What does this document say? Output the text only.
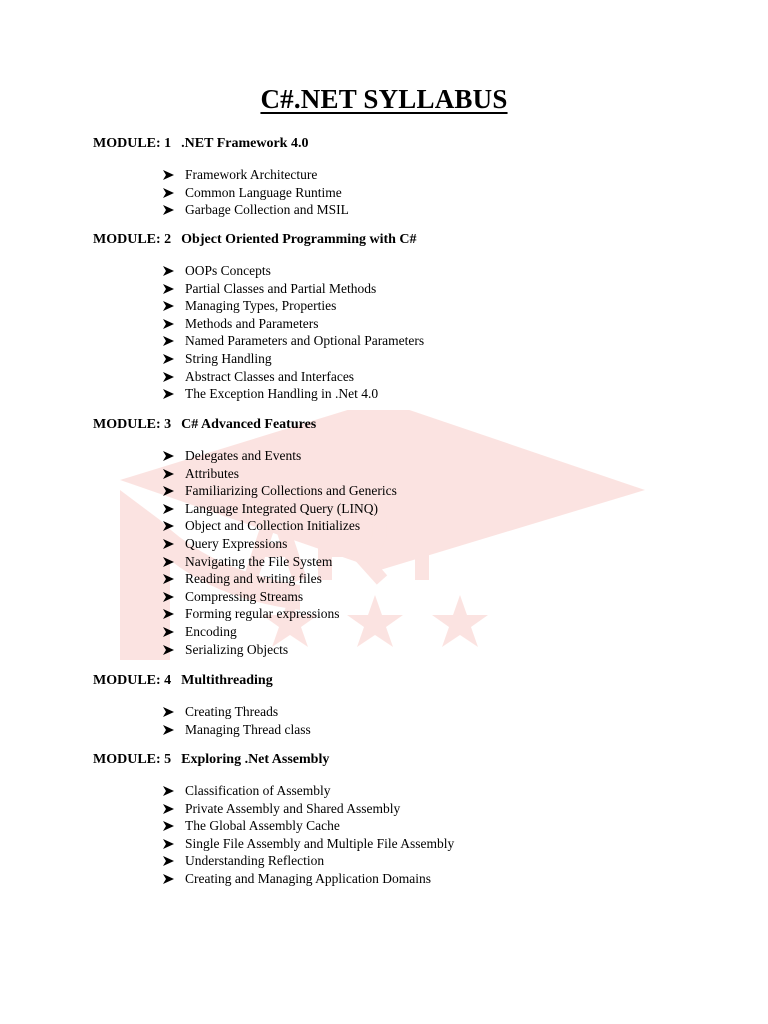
C#.NET SYLLABUS
MODULE: 1 .NET Framework 4.0
Framework Architecture
Common Language Runtime
Garbage Collection and MSIL
MODULE: 2 Object Oriented Programming with C#
OOPs Concepts
Partial Classes and Partial Methods
Managing Types, Properties
Methods and Parameters
Named Parameters and Optional Parameters
String Handling
Abstract Classes and Interfaces
The Exception Handling in .Net 4.0
MODULE: 3 C# Advanced Features
Delegates and Events
Attributes
Familiarizing Collections and Generics
Language Integrated Query (LINQ)
Object and Collection Initializes
Query Expressions
Navigating the File System
Reading and writing files
Compressing Streams
Forming regular expressions
Encoding
Serializing Objects
MODULE: 4 Multithreading
Creating Threads
Managing Thread class
MODULE: 5 Exploring .Net Assembly
Classification of Assembly
Private Assembly and Shared Assembly
The Global Assembly Cache
Single File Assembly and Multiple File Assembly
Understanding Reflection
Creating and Managing Application Domains
